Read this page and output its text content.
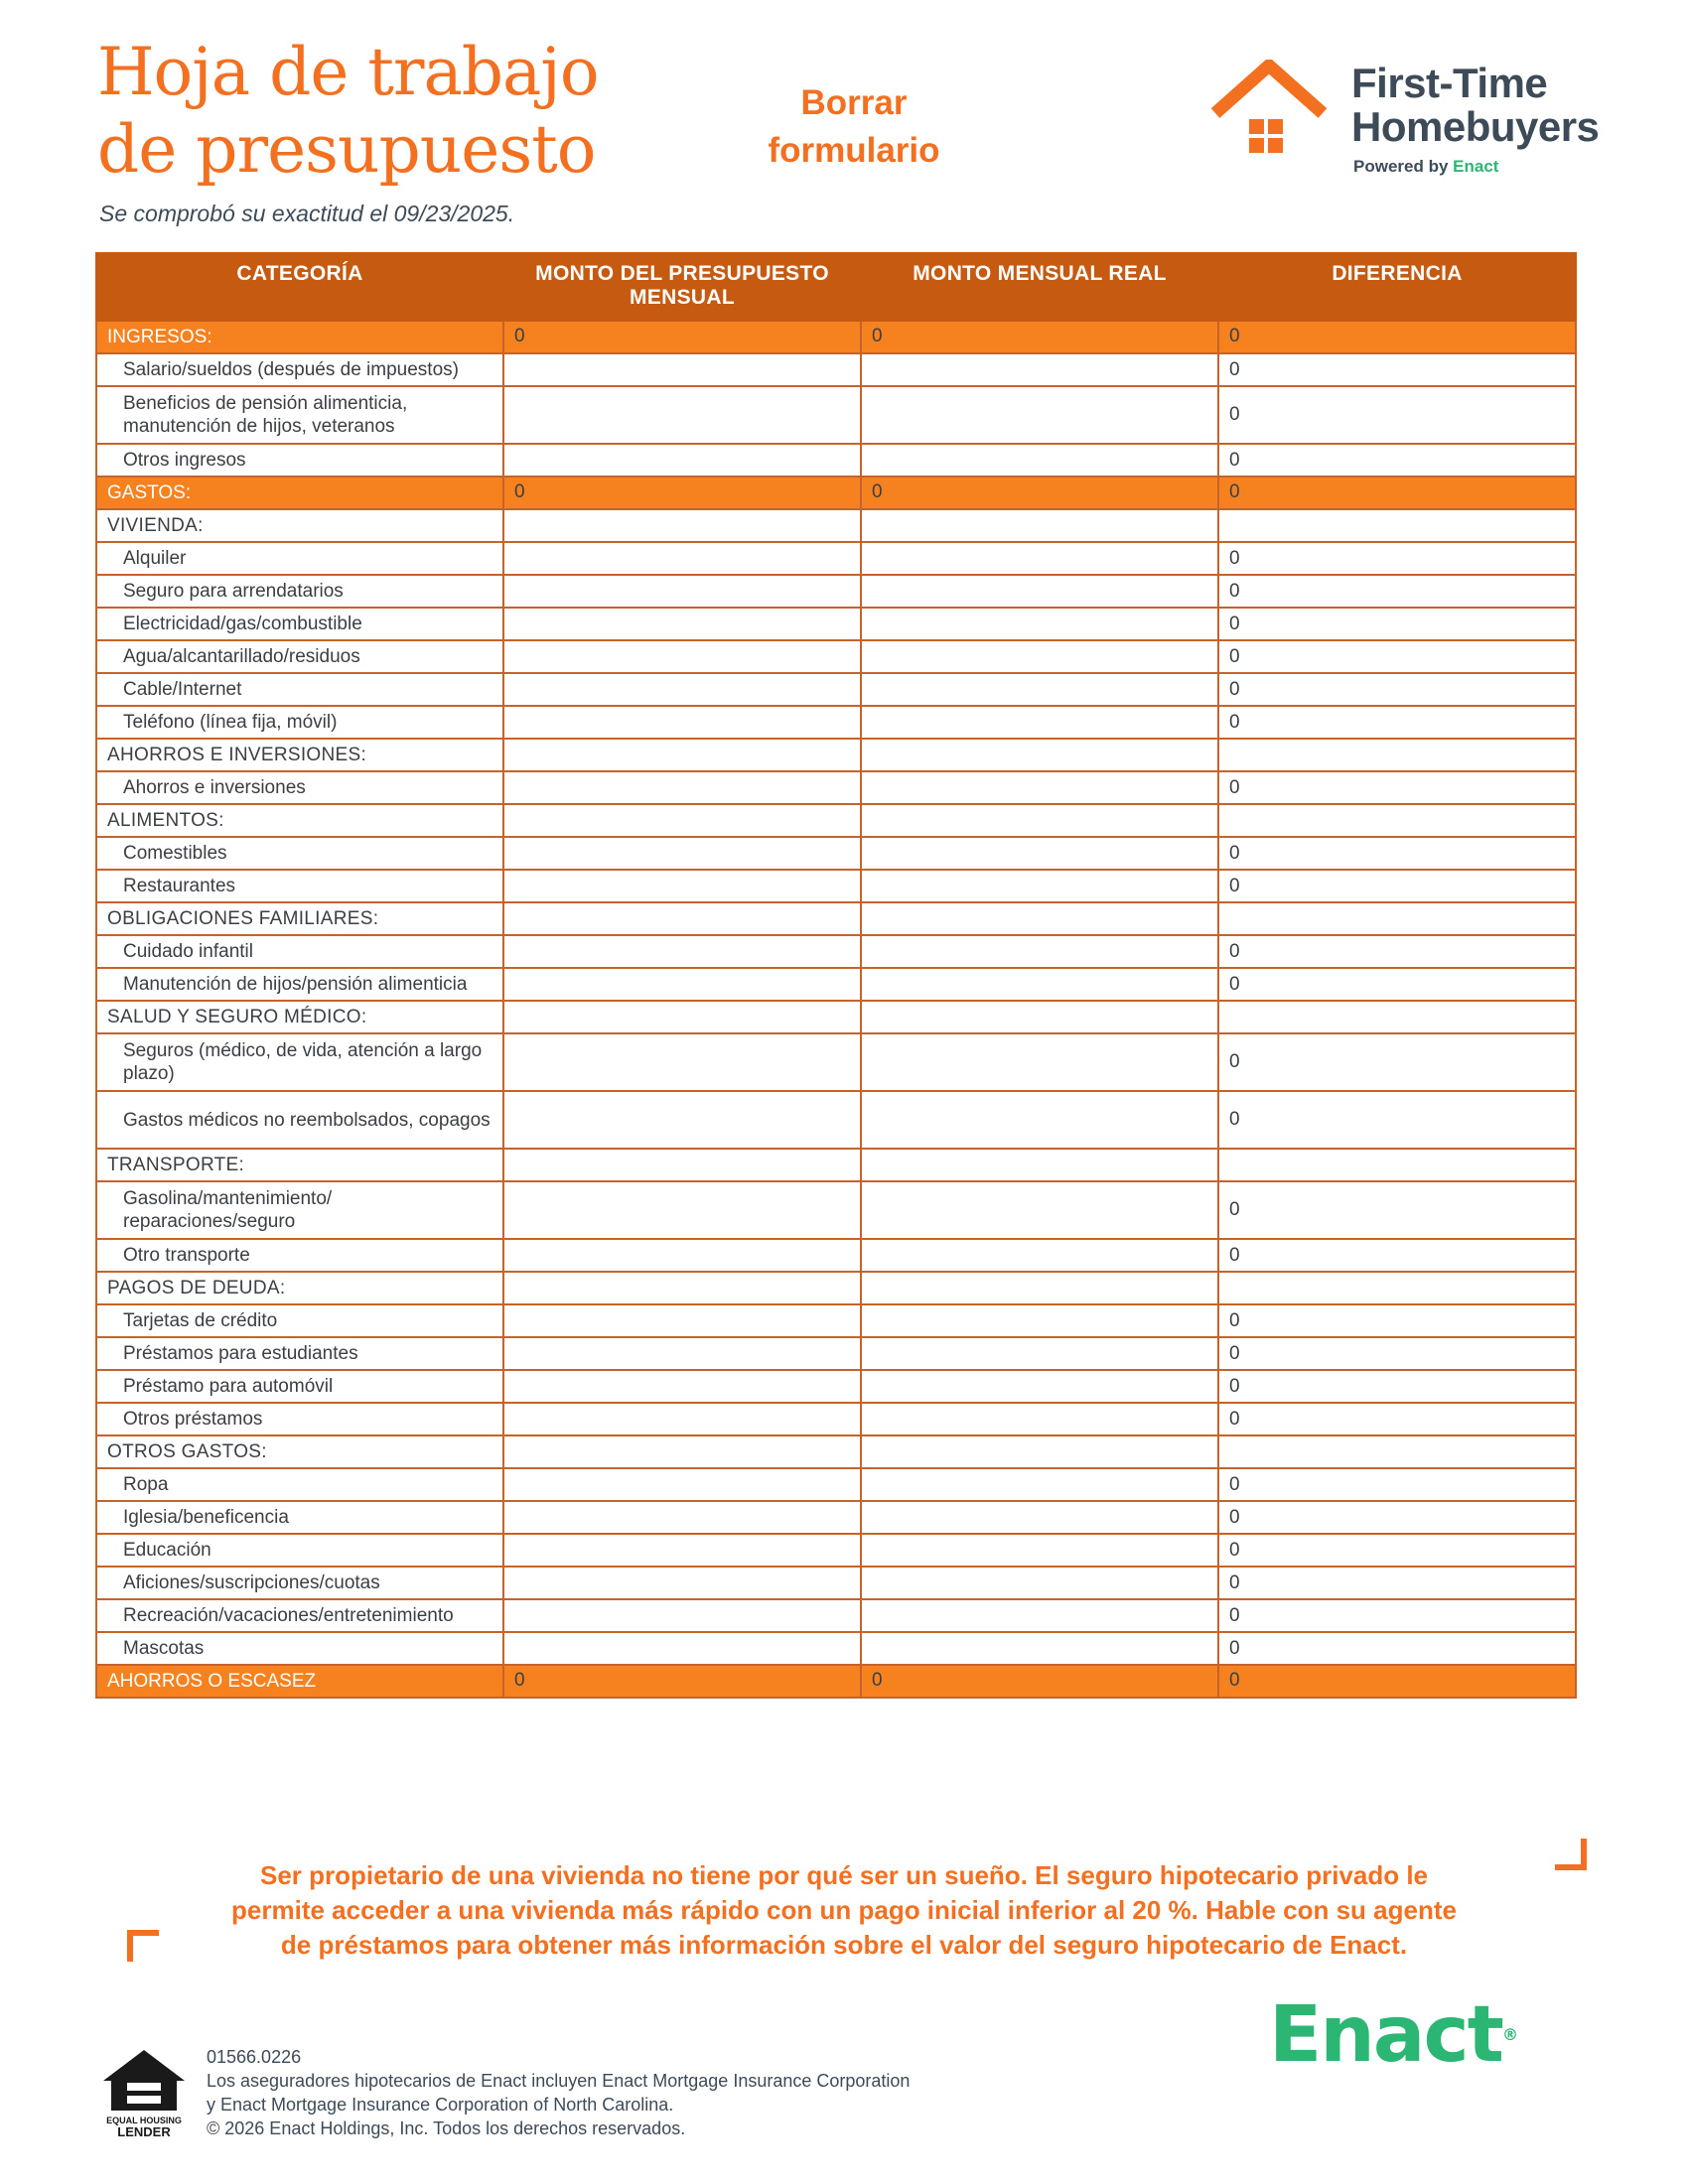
Hoja de trabajo
de presupuesto
Se comprobó su exactitud el 09/23/2025.
Borrar
formulario
First-Time
Homebuyers
Powered by Enact
CATEGORÍA	MONTO DEL PRESUPUESTO MENSUAL	MONTO MENSUAL REAL	DIFERENCIA
INGRESOS:	0	0	0
Salario/sueldos (después de impuestos)			0
Beneficios de pensión alimenticia, manutención de hijos, veteranos			0
Otros ingresos			0
GASTOS:	0	0	0
VIVIENDA:			
Alquiler			0
Seguro para arrendatarios			0
Electricidad/gas/combustible			0
Agua/alcantarillado/residuos			0
Cable/Internet			0
Teléfono (línea fija, móvil)			0
AHORROS E INVERSIONES:			
Ahorros e inversiones			0
ALIMENTOS:			
Comestibles			0
Restaurantes			0
OBLIGACIONES FAMILIARES:			
Cuidado infantil			0
Manutención de hijos/pensión alimenticia			0
SALUD Y SEGURO MÉDICO:			
Seguros (médico, de vida, atención a largo plazo)			0
Gastos médicos no reembolsados, copagos			0
TRANSPORTE:			
Gasolina/mantenimiento/ reparaciones/seguro			0
Otro transporte			0
PAGOS DE DEUDA:			
Tarjetas de crédito			0
Préstamos para estudiantes			0
Préstamo para automóvil			0
Otros préstamos			0
OTROS GASTOS:			
Ropa			0
Iglesia/beneficencia			0
Educación			0
Aficiones/suscripciones/cuotas			0
Recreación/vacaciones/entretenimiento			0
Mascotas			0
AHORROS O ESCASEZ	0	0	0

Ser propietario de una vivienda no tiene por qué ser un sueño. El seguro hipotecario privado le
permite acceder a una vivienda más rápido con un pago inicial inferior al 20 %. Hable con su agente
de préstamos para obtener más información sobre el valor del seguro hipotecario de Enact.

Enact®
EQUAL HOUSING
LENDER
01566.0226
Los aseguradores hipotecarios de Enact incluyen Enact Mortgage Insurance Corporation
y Enact Mortgage Insurance Corporation of North Carolina.
© 2026 Enact Holdings, Inc. Todos los derechos reservados.
